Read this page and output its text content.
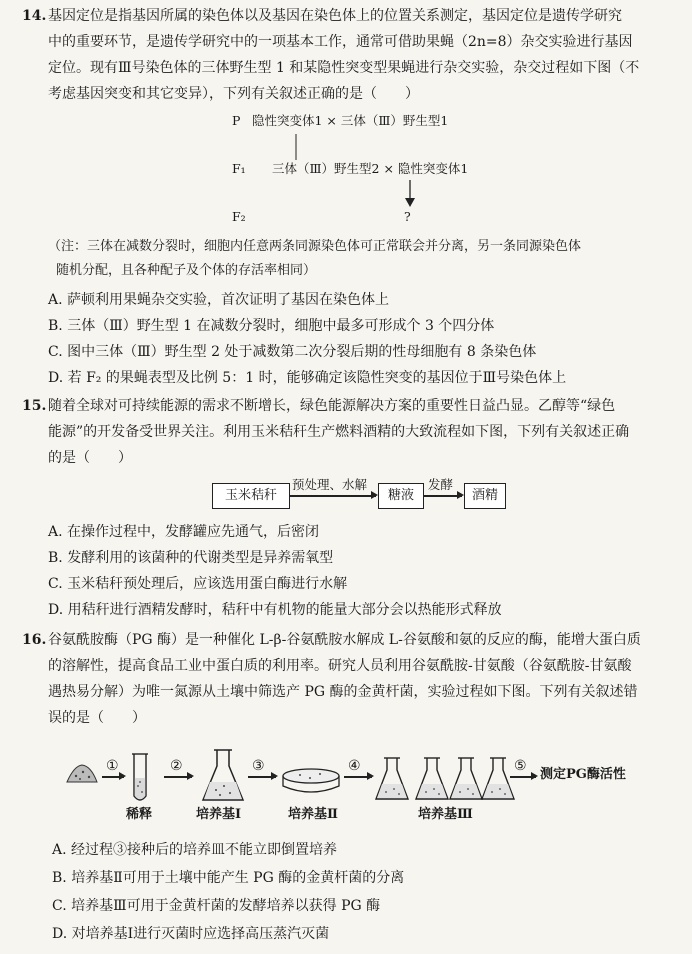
14. 基因定位是指基因所属的染色体以及基因在染色体上的位置关系测定，基因定位是遗传学研究
中的重要环节，是遗传学研究中的一项基本工作，通常可借助果蝇（2n=8）杂交实验进行基因
定位。现有Ⅲ号染色体的三体野生型 1 和某隐性突变型果蝇进行杂交实验，杂交过程如下图（不
考虑基因突变和其它变异），下列有关叙述正确的是（　　）
P 隐性突变体1 × 三体（Ⅲ）野生型1
F₁ 三体（Ⅲ）野生型2 × 隐性突变体1
F₂	?
（注：三体在减数分裂时，细胞内任意两条同源染色体可正常联会并分离，另一条同源染色体
随机分配，且各种配子及个体的存活率相同）
A. 萨顿利用果蝇杂交实验，首次证明了基因在染色体上
B. 三体（Ⅲ）野生型 1 在减数分裂时，细胞中最多可形成个 3 个四分体
C. 图中三体（Ⅲ）野生型 2 处于减数第二次分裂后期的性母细胞有 8 条染色体
D. 若 F₂ 的果蝇表型及比例 5：1 时，能够确定该隐性突变的基因位于Ⅲ号染色体上
15. 随着全球对可持续能源的需求不断增长，绿色能源解决方案的重要性日益凸显。乙醇等“绿色
能源”的开发备受世界关注。利用玉米秸秆生产燃料酒精的大致流程如下图，下列有关叙述正确
的是（　　）
玉米秸秆
预处理、水解
糖液
发酵
酒精
A. 在操作过程中，发酵罐应先通气，后密闭
B. 发酵利用的该菌种的代谢类型是异养需氧型
C. 玉米秸秆预处理后，应该选用蛋白酶进行水解
D. 用秸秆进行酒精发酵时，秸秆中有机物的能量大部分会以热能形式释放
16. 谷氨酰胺酶（PG 酶）是一种催化 L-β-谷氨酰胺水解成 L-谷氨酸和氨的反应的酶，能增大蛋白质
的溶解性，提高食品工业中蛋白质的利用率。研究人员利用谷氨酰胺-甘氨酸（谷氨酰胺-甘氨酸
遇热易分解）为唯一氮源从土壤中筛选产 PG 酶的金黄杆菌，实验过程如下图。下列有关叙述错
误的是（　　）
①
稀释
②
培养基Ⅰ
③
培养基Ⅱ
④
培养基Ⅲ
⑤
测定PG酶活性
A. 经过程③接种后的培养皿不能立即倒置培养
B. 培养基Ⅱ可用于土壤中能产生 PG 酶的金黄杆菌的分离
C. 培养基Ⅲ可用于金黄杆菌的发酵培养以获得 PG 酶
D. 对培养基Ⅰ进行灭菌时应选择高压蒸汽灭菌
